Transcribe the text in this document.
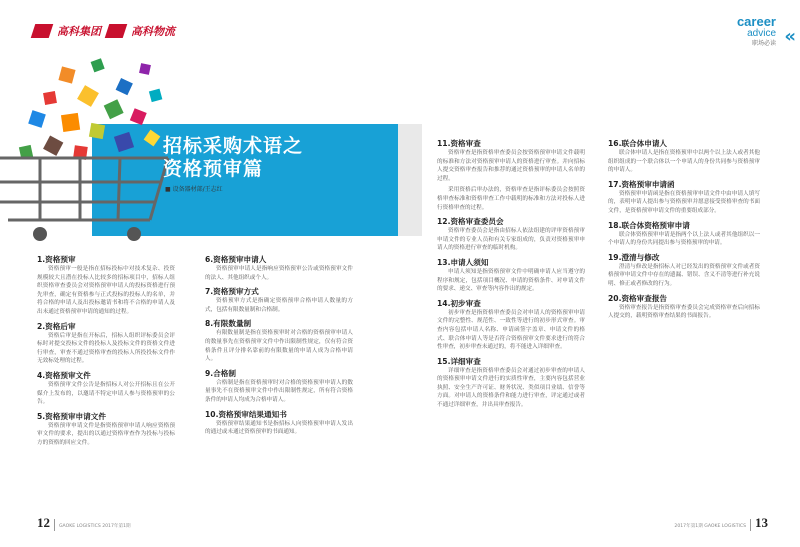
高科集团	高科物流
career
advice
职场必读 «
招标采购术语之
资格预审篇
■ 设备器材部/王志红
1.资格预审
资格预审一般是指在招标投标中对技术复杂、投资规模较大且潜在投标人比较多的招标项目中，招标人组织资格审查委员会对资格预审申请人的投标资格进行预先审查，确定有资格参与正式投标的投标人的名单，并将合格的申请人及出投标邀请书和将不合格的申请人及出未通过资格预审申请的通知的过程。
2.资格后审
资格后审是指在开标后，招标人组织评标委员会评标时对提交投标文件的投标人及投标文件的资格文件进行审查，审查不通过资格审查的投标人所投投标文件作无效标处理的过程。
4.资格预审文件
资格预审文件公告是指招标人对公开招标且在公开媒介上发布的，以邀请不特定申请人参与资格预审的公告。
5.资格预审申请文件
资格预审申请文件是指资格预审申请人响应资格预审文件的要求，提出的以通过资格审查作为投标与投标方的资格的回应文件。
6.资格预审申请人
资格预审申请人是指响应资格预审公告或资格预审文件的法人、其他组织或个人。
7.资格预审方式
资格预审方式是指确定资格预审合格申请人数量的方式，包括有限数量制和合格制。
8.有限数量制
有限数量制是指在资格预审时对合格的资格预审申请人的数量事先在资格预审文件中作出限制性规定，仅有符合资格条件且评分排名靠前的有限数量的申请人成为合格申请人。
9.合格制
合格制是指在资格预审时对合格的资格预审申请人的数量事先不在资格预审文件中作出限制性规定，所有符合资格条件的申请人均成为合格申请人。
10.资格预审结果通知书
资格预审结果通知书是指招标人向资格预审申请人发出的通过或未通过资格预审的书面通知。
11.资格审查
资格审查是指资格审查委员会按资格预审申请文件载明的标准和方法对资格预审申请人的资格进行审查。并向招标人提交资格审查报告和推荐的通过资格预审的申请人名单的过程。
采用资格后审办法的，资格审查是指评标委员会按照资格审查标准和资格审查工作中载明的标准和方法对投标人进行资格审查的过程。
12.资格审查委员会
资格审查委员会是指由招标人依法组建的评审资格预审申请文件的专业人员和有关专家组成的，负责对资格预审申请人的资格进行审查的临时机构。
13.申请人须知
申请人须知是指资格预审文件中明确申请人应当遵守的程序和规定，包括项目概况、申请的资格条件、对申请文件的要求、递交、审查等内容作出的规定。
14.初步审查
初步审查是指资格审查委员会对申请人的资格预审申请文件的完整性、规范性、一致性等进行的初步形式审查。审查内容包括申请人名称、申请函签字盖章、申请文件的格式、联合体申请人等是否符合资格预审文件要求进行的符合性审查，初步审查未通过的，将不能进入详细审查。
15.详细审查
详细审查是指资格审查委员会对通过初步审查的申请人的资格预审申请文件进行的实质性审查，主要内容包括营业执照、安全生产许可证、财务状况、类似项目业绩、信誉等方面。对申请人的资格条件和能力进行审查，评定通过或者不通过详细审查，并出具审查报告。
16.联合体申请人
联合体申请人是指在资格预审中以两个以上法人或者其他组织组成的一个联合体以一个申请人的身份共同参与资格预审的申请人。
17.资格预审申请函
资格预审申请函是指在资格预审申请文件中由申请人填写的，表明申请人提出参与资格预审并愿意接受资格审查的书面文件，是资格预审申请文件的重要组成部分。
18.联合体资格预审申请
联合体资格预审申请是指两个以上法人或者其他组织以一个申请人的身份共同提出参与资格预审的申请。
19.澄清与修改
澄清与修改是指招标人对已经发出的资格预审文件或者资格预审申请文件中存在的遗漏、错误、含义不清等进行补充说明、修正或者修改的行为。
20.资格审查报告
资格审查报告是指资格审查委员会完成资格审查后向招标人提交的，载明资格审查结果的书面报告。
12 GAOKE LOGISTICS 2017年第1期	2017年第1期 GAOKE LOGISTICS 13
